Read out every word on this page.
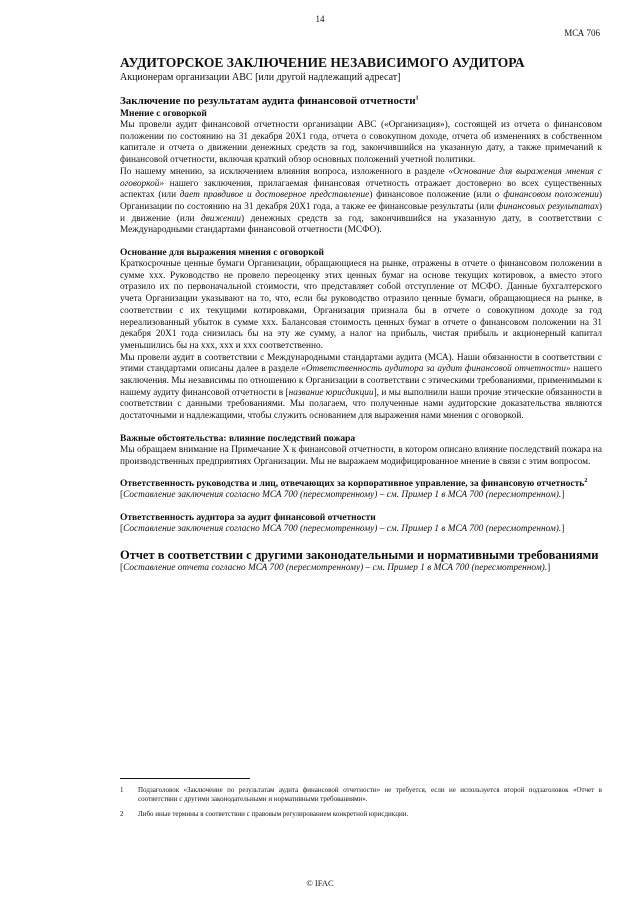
14
МСА 706
АУДИТОРСКОЕ ЗАКЛЮЧЕНИЕ НЕЗАВИСИМОГО АУДИТОРА

Акционерам организации ABC [или другой надлежащий адресат]

Заключение по результатам аудита финансовой отчетности$^1$
Мнение с оговоркой

Мы провели аудит финансовой отчетности организации ABC («Организация»), состоящей из отчета о финансовом положении по состоянию на 31 декабря 20X1 года, отчета о совокупном доходе, отчета об изменениях в собственном капитале и отчета о движении денежных средств за год, закончившийся на указанную дату, а также примечаний к финансовой отчетности, включая краткий обзор основных положений учетной политики.

По нашему мнению, за исключением влияния вопроса, изложенного в разделе «Основание для выражения мнения с оговоркой» нашего заключения, прилагаемая финансовая отчетность отражает достоверно во всех существенных аспектах (или дает правдивое и достоверное представление) финансовое положение (или о финансовом положении) Организации по состоянию на 31 декабря 20X1 года, а также ее финансовые результаты (или финансовых результатах) и движение (или движении) денежных средств за год, закончившийся на указанную дату, в соответствии с Международными стандартами финансовой отчетности (МСФО).

Основание для выражения мнения с оговоркой

Краткосрочные ценные бумаги Организации, обращающиеся на рынке, отражены в отчете о финансовом положении в сумме xxx. Руководство не провело переоценку этих ценных бумаг на основе текущих котировок, а вместо этого отразило их по первоначальной стоимости, что представляет собой отступление от МСФО. Данные бухгалтерского учета Организации указывают на то, что, если бы руководство отразило ценные бумаги, обращающиеся на рынке, в соответствии с их текущими котировками, Организация признала бы в отчете о совокупном доходе за год нереализованный убыток в сумме xxx. Балансовая стоимость ценных бумаг в отчете о финансовом положении на 31 декабря 20X1 года снизилась бы на эту же сумму, а налог на прибыль, чистая прибыль и акционерный капитал уменьшились бы на xxx, xxx и xxx соответственно.

Мы провели аудит в соответствии с Международными стандартами аудита (МСА). Наши обязанности в соответствии с этими стандартами описаны далее в разделе «Ответственность аудитора за аудит финансовой отчетности» нашего заключения. Мы независимы по отношению к Организации в соответствии с этическими требованиями, применимыми к нашему аудиту финансовой отчетности в [название юрисдикции], и мы выполнили наши прочие этические обязанности в соответствии с данными требованиями. Мы полагаем, что полученные нами аудиторские доказательства являются достаточными и надлежащими, чтобы служить основанием для выражения нами мнения с оговоркой.

Важные обстоятельства: влияние последствий пожара

Мы обращаем внимание на Примечание X к финансовой отчетности, в котором описано влияние последствий пожара на производственных предприятиях Организации. Мы не выражаем модифицированное мнение в связи с этим вопросом.

Ответственность руководства и лиц, отвечающих за корпоративное управление, за финансовую отчетность$^2$

[Составление заключения согласно МСА 700 (пересмотренному) – см. Пример 1 в МСА 700 (пересмотренном).]

Ответственность аудитора за аудит финансовой отчетности

[Составление заключения согласно МСА 700 (пересмотренному) – см. Пример 1 в МСА 700 (пересмотренном).]

Отчет в соответствии с другими законодательными и нормативными требованиями

[Составление отчета согласно МСА 700 (пересмотренному) – см. Пример 1 в МСА 700 (пересмотренном).]

1	Подзаголовок «Заключение по результатам аудита финансовой отчетности» не требуется, если не используется второй подзаголовок «Отчет в соответствии с другими законодательными и нормативными требованиями».
2	Либо иные термины в соответствии с правовым регулированием конкретной юрисдикции.
© IFAC
